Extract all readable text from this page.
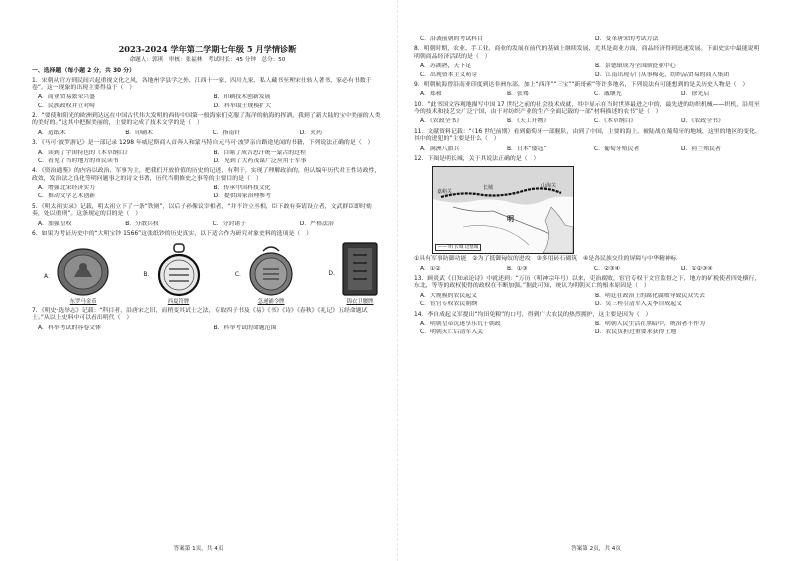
2023-2024 学年第二学期七年级 5 月学情诊断
命题人：郭琪　审核：张福林　考试时长：45 分钟　总分：50
一、选择题（每小题 2 分，共 30 分）
1．宋朝从官方到民间兴起重视文化之风，各地州学县学之外，江西十一家，四川九家，私人藏书至理宋仕转人著书，家必有书数千卷”。这一现象的出现主要得益于（　）
A．商业贸易繁荣兴盛	B．印刷技术创新发展
C．民族政权并立对峙	D．科举取士规模扩大
2．“要使和阳光的欧洲到达远在中国古代伟大发明的西传中国第一般海家们克服了海洋的航海的挥洒，我到了新大陆的宝中美丽的人类的美好的。”这其中把握美丽的，主要的完成了技术文学的是（　）
A．造纸术	B．印刷术	C．指南针	D．火药
3．《马可·波罗游记》是一部记录 1298 年威尼斯商人首奔人和蒙马特自元马可·波罗亲自路途见闻的书籍，下列说法正确的是（　）
A．读到了宇宙特色的《本草纲目》	B．目睹了成吉思汗统一蒙古的过程
C．看见了当时地方的市民读书	D．见到了大药茂谋广泛应用于军事
4．《资治通鉴》的内容以政治、军事为主，把我们开放价值的历史的记述，有利于，实现了理解政治的，但认编年历代君王性诗政性，政效，发治法之良化等明问题事之的诗文书著，历代当朝修史之事等的主要目的是（　）
A．增强北宋经济实力	B．传承中国科技文化
C．推动文学艺术创新	D．提供国家治理参考
5．《明太祖实录》记载，明太祖立下了一条“铁则”，以后子孙像议宰相者，“并不许立丞相，臣下敢有奏请设立者，文武群臣即时劾奏，处以重刑”。这条规定的目的是（　）
A．加强皇权	B．分散兵权	C．分封诸子	D．严格法治
6．如果为考证历史中的“大明宝钞 1566”这张纸钞的历史真实，以下适合作为研究对象史料的选项是（　）
A．
东罗马金币
B．
西夏符牌
C．
急递铺令牌
D．
锦衣卫腰牌
7．《明史·选举志》记载：“科目者，沿唐宋之旧，而稍变其试士之法，专取四子书及《易》《书》《诗》《春秋》《礼记》五经命题试士。”从以上史料中可以看出明代（　）
A．科举考试的容卷文体	B．科举考试的命题范围
答案第 1页，共 4页
C．沿袭前朝的考试科目	D．变革唐宋的考试方法
8．明朝时期，农业、手工业、商业的发展在前代的基础上继续发展，尤其是商业方面，商品经济得到迅速发展。下面史实中最能说明明朝商品经济活跃的是（　）
A．苏湖熟，天下足	B．景德镇成为全国制瓷业中心
C．出现资本主义萌芽	D．江南出现专门从事棉花、纺织品贸易的商人集团
9．明朝航海曾沿南亚印度到达非洲东部，加上“西洋”“三宝”“新哥索”等许多地名，下列说法有可能想到的是关历史人物是（　）
A．郑和	B．张骞	C．戚继光	D．徐光启
10．“此书国文容观地描写中国 17 世纪之前的社会技术成就，其中显示在当时世界最进之中的，最先进的纺织机械——织机，沿用至今的技术和技艺交广泛宁国，由于对纺织产业的生产全面记载的一部“材料描述的农书”是（　）
A．《农政全书》	B．《天工开物》	C．《本草纲目》	D．《农政全书》
11．文献资料记载：“（16 世纪前期）看到葡萄牙一部舰队，由到了中国，主要的海上，被陆战在葡萄牙的地域，这里的地区的变化，其中的进犯的”主要是什么（　）
A．满洲八旗兵	B．日本“倭寇”	C．葡萄牙殖民者	D．荷兰殖民者
12．下图是明长城，关于其说法正确的是（　）
明
嘉峪关
山海关
长城
—— 明 长城 边塞城
①具有军事防御功能　②为了抵御匈奴的进攻　③多用砖石砌筑　④是各民族交往的屏障与中华精神标
A．①②	B．①③	C．②③④	D．①②③④
13．顾炎武《日知录论诗》中就述到：“万历（明神宗年号）以来，吏治腐败，宦官专权于文官监督之下，地方的矿税使者四处横行，东北，等等的政权使得的政权在不断加强。”据此可知，统认为明朝灭亡的根本原因是（　）
A．大规模的农民起义	B．明廷在政治上的腐化腐败导致民众失去
C．宦官专权农民朝纲	D．吴三桂引清军入关李自成起义
14．李自成起义军提出“均田免粮”的口号，得到广大农民的热烈拥护，这主要是因为（　）
A．明朝皇帝沉迷享乐荒于朝政	B．明朝人民生活在黑暗中，统治者不作为
C．明朝灭亡后清军入关	D．农民负担过重要求获得土地
答案第 2页，共 4页
